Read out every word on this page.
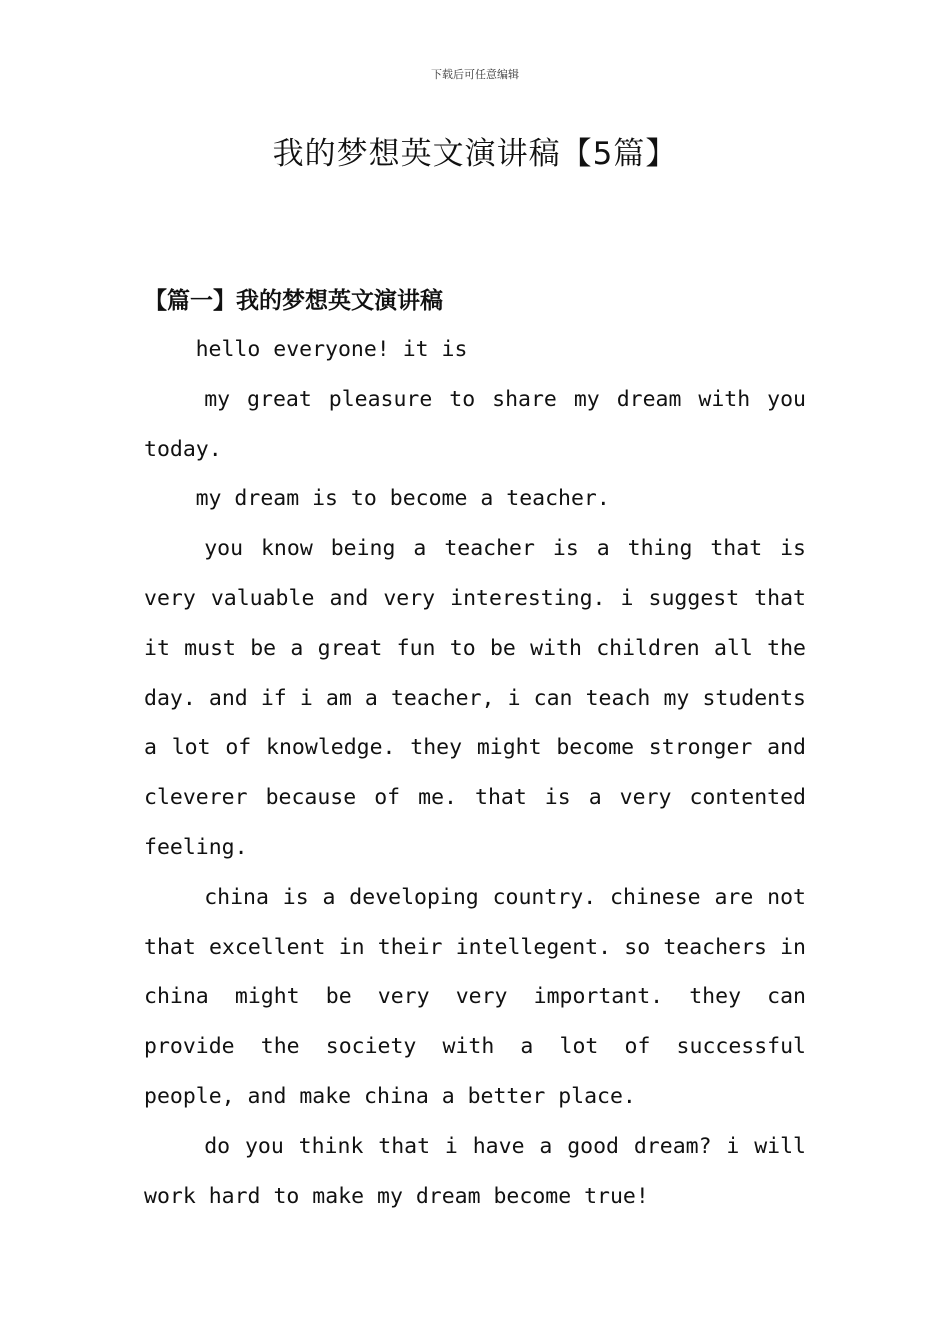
下载后可任意编辑
我的梦想英文演讲稿【5篇】
【篇一】我的梦想英文演讲稿

hello everyone! it is

my great pleasure to share my dream with you today.

my dream is to become a teacher.

you know being a teacher is a thing that is very valuable and very interesting. i suggest that it must be a great fun to be with children all the day. and if i am a teacher, i can teach my students a lot of knowledge. they might become stronger and cleverer because of me. that is a very contented feeling.

china is a developing country. chinese are not that excellent in their intellegent. so teachers in china might be very very important. they can provide the society with a lot of successful people, and make china a better place.

do you think that i have a good dream? i will work hard to make my dream become true!
